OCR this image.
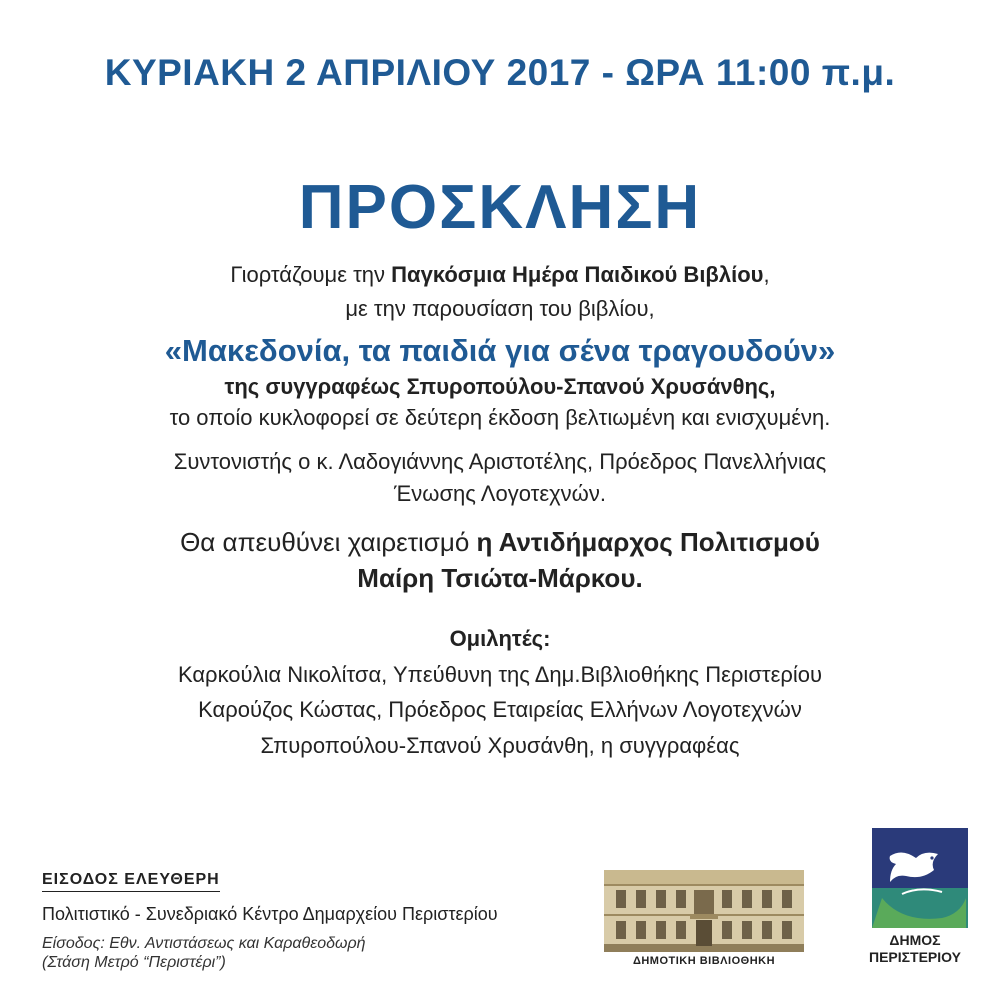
ΚΥΡΙΑΚΗ 2 ΑΠΡΙΛΙΟΥ 2017 - ΩΡΑ 11:00 π.μ.
ΠΡΟΣΚΛΗΣΗ
Γιορτάζουμε την Παγκόσμια Ημέρα Παιδικού Βιβλίου,
με την παρουσίαση του βιβλίου,
«Μακεδονία, τα παιδιά για σένα τραγουδούν»
της συγγραφέως Σπυροπούλου-Σπανού Χρυσάνθης,
το οποίο κυκλοφορεί σε δεύτερη έκδοση βελτιωμένη και ενισχυμένη.
Συντονιστής ο κ. Λαδογιάννης Αριστοτέλης, Πρόεδρος Πανελλήνιας
Ένωσης Λογοτεχνών.
Θα απευθύνει χαιρετισμό η Αντιδήμαρχος Πολιτισμού
Μαίρη Τσιώτα-Μάρκου.
Ομιλητές:
Καρκούλια Νικολίτσα, Υπεύθυνη της Δημ.Βιβλιοθήκης Περιστερίου
Καρούζος Κώστας, Πρόεδρος Εταιρείας Ελλήνων Λογοτεχνών
Σπυροπούλου-Σπανού Χρυσάνθη, η συγγραφέας
ΕΙΣΟΔΟΣ ΕΛΕΥΘΕΡΗ
Πολιτιστικό - Συνεδριακό Κέντρο Δημαρχείου Περιστερίου
Είσοδος: Εθν. Αντιστάσεως και Καραθεοδωρή
(Στάση Μετρό “Περιστέρι”)	ΔΗΜΟΤΙΚΗ ΒΙΒΛΙΟΘΗΚΗ
ΔΗΜΟΣ
ΠΕΡΙΣΤΕΡΙΟΥ
